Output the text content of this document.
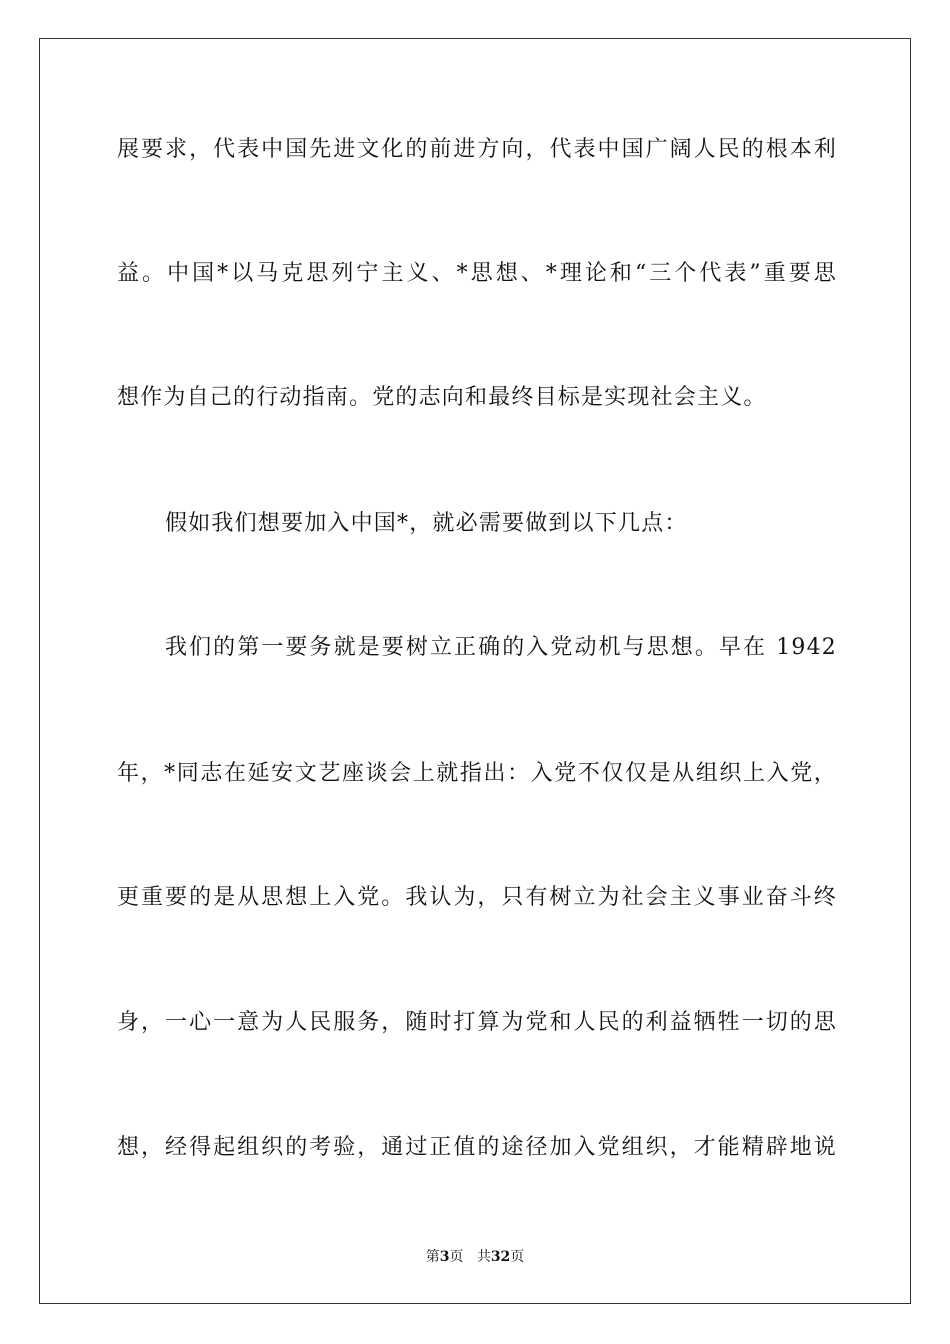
展要求，代表中国先进文化的前进方向，代表中国广阔人民的根本利
益。中国*以马克思列宁主义、*思想、*理论和“三个代表”重要思
想作为自己的行动指南。党的志向和最终目标是实现社会主义。
假如我们想要加入中国*，就必需要做到以下几点：
我们的第一要务就是要树立正确的入党动机与思想。早在 1942
年，*同志在延安文艺座谈会上就指出：入党不仅仅是从组织上入党，
更重要的是从思想上入党。我认为，只有树立为社会主义事业奋斗终
身，一心一意为人民服务，随时打算为党和人民的利益牺牲一切的思
想，经得起组织的考验，通过正值的途径加入党组织，才能精辟地说
第3页 共32页
